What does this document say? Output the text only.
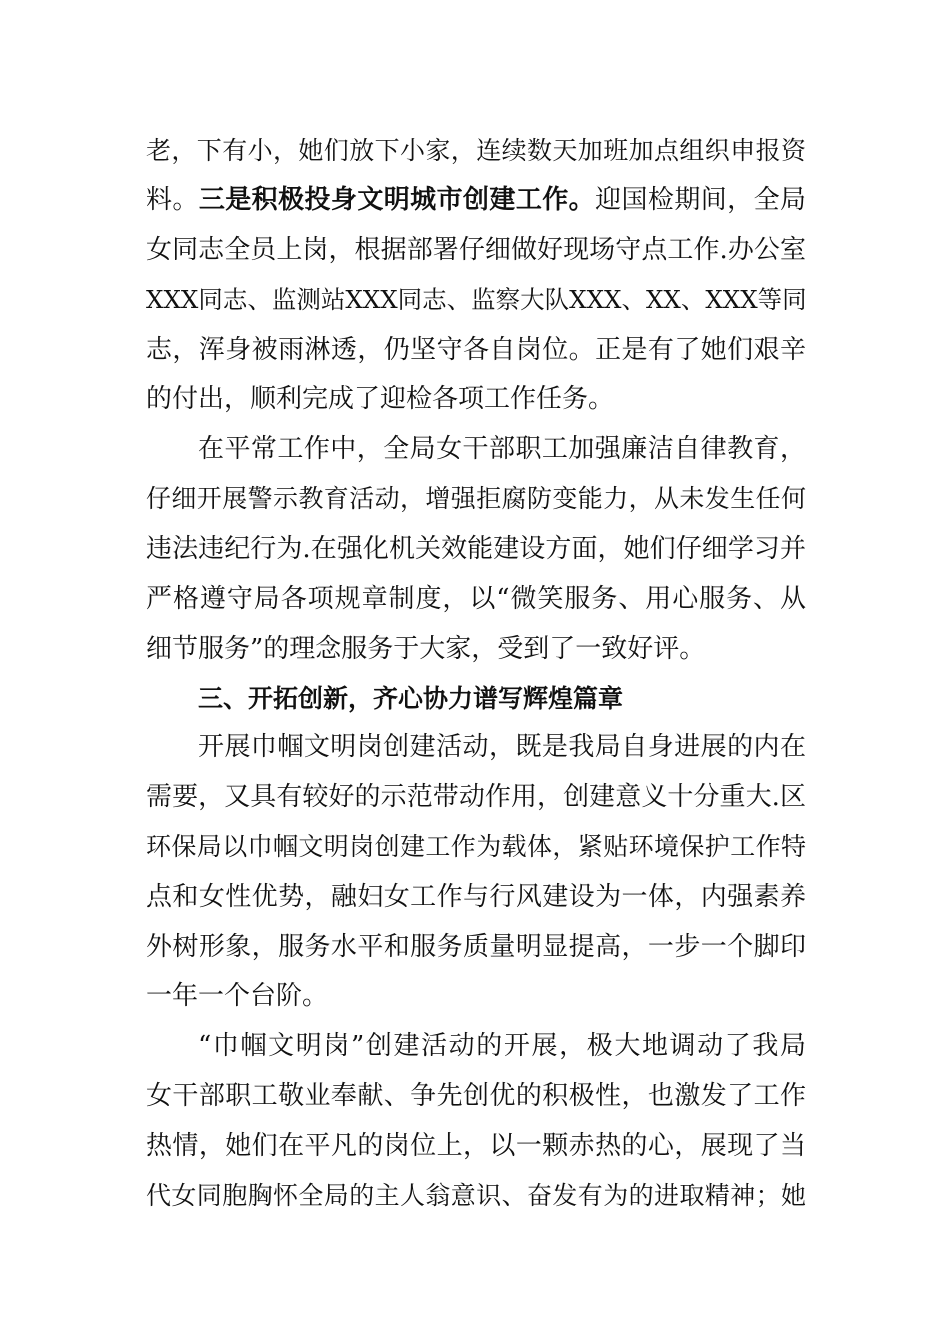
老，下有小，她们放下小家，连续数天加班加点组织申报资
料。三是积极投身文明城市创建工作。迎国检期间，全局
女同志全员上岗，根据部署仔细做好现场守点工作.办公室
XXX同志、监测站XXX同志、监察大队XXX、XX、XXX等同
志，浑身被雨淋透，仍坚守各自岗位。正是有了她们艰辛
的付出，顺利完成了迎检各项工作任务。
在平常工作中，全局女干部职工加强廉洁自律教育，
仔细开展警示教育活动，增强拒腐防变能力，从未发生任何
违法违纪行为.在强化机关效能建设方面，她们仔细学习并
严格遵守局各项规章制度，以“微笑服务、用心服务、从
细节服务”的理念服务于大家，受到了一致好评。
三、开拓创新，齐心协力谱写辉煌篇章
开展巾帼文明岗创建活动，既是我局自身进展的内在
需要，又具有较好的示范带动作用，创建意义十分重大.区
环保局以巾帼文明岗创建工作为载体，紧贴环境保护工作特
点和女性优势，融妇女工作与行风建设为一体，内强素养
外树形象，服务水平和服务质量明显提高，一步一个脚印
一年一个台阶。
“巾帼文明岗”创建活动的开展，极大地调动了我局
女干部职工敬业奉献、争先创优的积极性，也激发了工作
热情，她们在平凡的岗位上，以一颗赤热的心，展现了当
代女同胞胸怀全局的主人翁意识、奋发有为的进取精神；她
